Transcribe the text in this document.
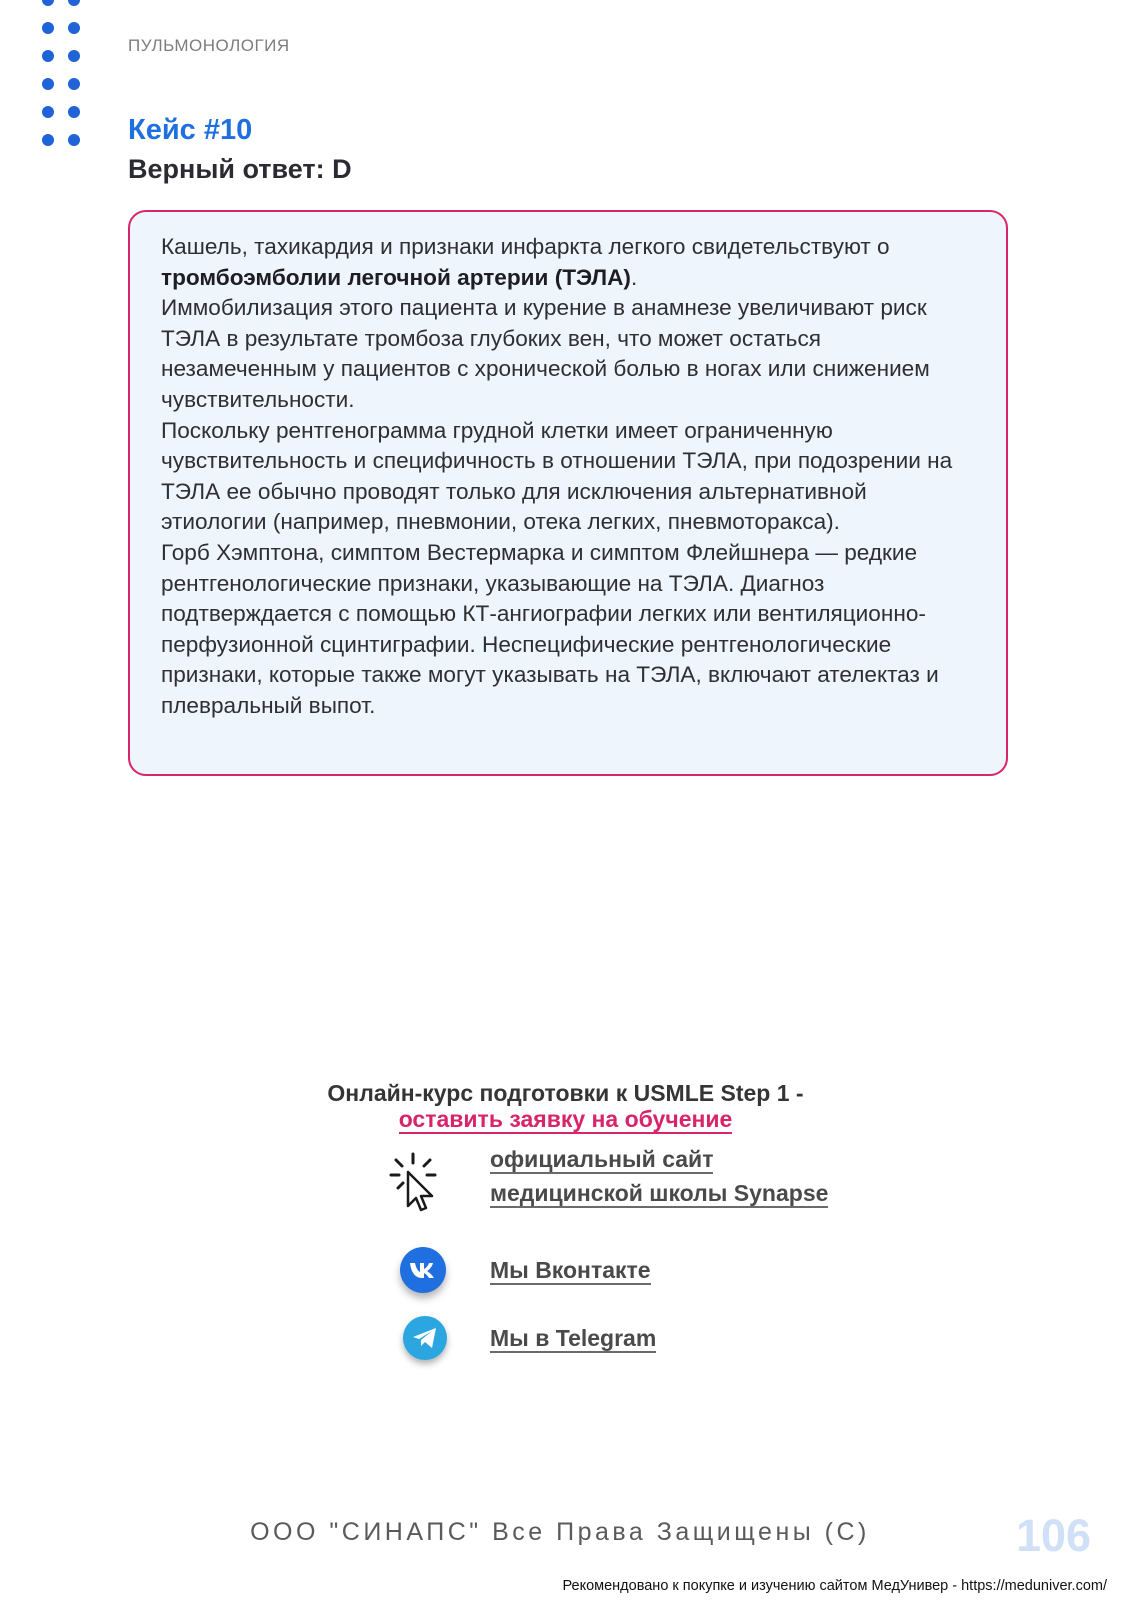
ПУЛЬМОНОЛОГИЯ
Кейс #10
Верный ответ: D

Кашель, тахикардия и признаки инфаркта легкого свидетельствуют о тромбоэмболии легочной артерии (ТЭЛА).

Иммобилизация этого пациента и курение в анамнезе увеличивают риск ТЭЛА в результате тромбоза глубоких вен, что может остаться незамеченным у пациентов с хронической болью в ногах или снижением чувствительности.

Поскольку рентгенограмма грудной клетки имеет ограниченную чувствительность и специфичность в отношении ТЭЛА, при подозрении на ТЭЛА ее обычно проводят только для исключения альтернативной этиологии (например, пневмонии, отека легких, пневмоторакса).

Горб Хэмптона, симптом Вестермарка и симптом Флейшнера — редкие рентгенологические признаки, указывающие на ТЭЛА. Диагноз подтверждается с помощью КТ-ангиографии легких или вентиляционно-перфузионной сцинтиграфии. Неспецифические рентгенологические признаки, которые также могут указывать на ТЭЛА, включают ателектаз и плевральный выпот.

Онлайн-курс подготовки к USMLE Step 1 -
оставить заявку на обучение
официальный сайт
медицинской школы Synapse
Мы Вконтакте
Мы в Telegram
ООО "СИНАПС" Все Права Защищены (С)	106
Рекомендовано к покупке и изучению сайтом МедУнивер - https://meduniver.com/
